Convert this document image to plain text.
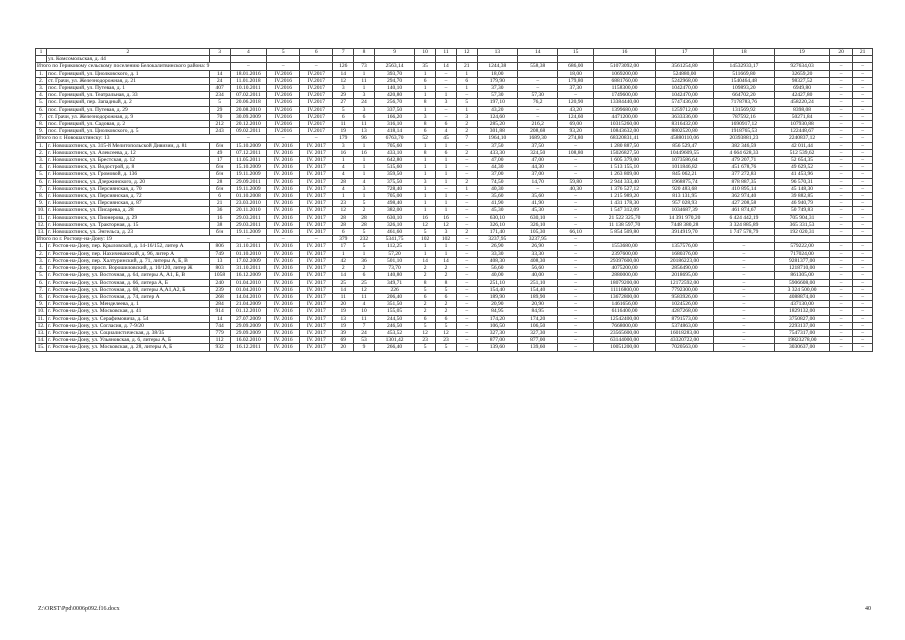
1	2	3	4	5	6	7	8	9	10	11	12	13	14	15	16	17	18	19	20	21
	ул. Комсомольская, д. 44																			
Итого по Гериковому сельскому поселению Белокалитвинского района: 9			–	–	–	126	73	2563,14	35	14	21	1244,38	558,38	686,00	51073092,00	3561254,80	14532933,17	927634,03	–	–
1.	пос. Горняцкий, ул. Циолковского, д. 1	14	18.01.2016	IV.2016	IV.2017	14	1	393,70	1	–	1	18,00		18,00	1069200,00	524880,00	511669,80	32659,20	–	–
2.	ст. Грачи, ул. Железнодорожная, д. 21	24	11.01.2018	IV.2016	IV.2017	12	11	294,70	6	–	6	179,90	–	179,80	6881760,00	5242968,00	1540464,48	98327,52	–	–
3.	пос. Горняцкий, ул. Путевая, д. 1	407	10.10.2011	IV.2016	IV.2017	3	1	140,10	1	–	1	37,30	–	37,30	1158300,00	1042470,00	109893,20	6949,80	–	–
4.	пос. Горняцкий, ул. Театральная, д. 33	234	07.02.2011	IV.2016	IV.2017	29	3	420,80	1	1	–	57,30	57,30	–	1749600,00	1042470,00	664702,20	42427,80	–	–
5.	пос. Горняцкий, пер. Западный, д. 2	5	20.06.2018	IV.2016	IV.2017	27	24	256,70	8	3	5	197,10	76,2	120,90	13384440,00	5747436,00	7178783,76	458220,24	–	–
6.	пос. Горняцкий, ул. Путевая, д. 29	29	20.08.2010	IV.2016	IV.2017	5	3	337,50	1	–	1	43,20	–	43,20	1399680,00	1259712,00	131569,92	8398,08	–	–
7.	ст. Грачи, ул. Железнодорожная, д. 9	70	30.09.2009	IV.2016	IV.2017	6	6	166,20	3	–	3	124,60	–	124,60	4471200,00	3633336,00	787592,16	50271,84	–	–
8.	пос. Горняцкий, ул. Садовая, д. 2	212	20.12.2010	IV.2016	IV.2017	11	11	316,10	8	6	2	285,20	216,2	69,00	10315260,00	8316432,00	1690917,12	107930,88	–	–
9.	пос. Горняцкий, ул. Циолковского, д. 5	243	09.02.2011	IV.2016	IV.2017	19	13	418,14	6	4	2	301,88	208,68	93,20	10843632,00	8802520,80	1918765,53	122448,67	–	–
Итого по г. Новошахтинску: 13			–	–	–	179	96	6763,70	52	45	7	1964,10	1689,30	274,80	68320831,41	45880110,06	20393881,23	2240837,12	–	–
1.	г. Новошахтинск, ул. 315-й Мелитопольской Дивизии, д. 81	б/н	15.10.2009	IV. 2016	IV. 2017	3	1	705,60	1	1	–	37,50	37,50	–	1 280 887,50	856 529,47	382 346,59	42 011,44	–	–
2.	г. Новошахтинск, ул. Алексеева, д. 12	49	07.12.2011	IV. 2016	IV. 2017	16	16	433,10	8	6	2	433,30	324,50	108,80	15026827,50	10449609,55	4 664 628,33	512 539,62	–	–
3.	г. Новошахтинск, ул. Брестская, д. 12	17	11.05.2011	IV. 2016	IV. 2017	1	1	642,80	1	1	–	47,00	47,00	–	1 605 379,00	1073586,64	479 207,71	52 654,35	–	–
4.	г. Новошахтинск, ул. Водострой, д. 8	б/н	15.10.2009	IV. 2016	IV. 2017	4	1	515,60	1	1	–	44,30	44,30	–	1 513 155,10	1011846,82	451 678,76	49 629,52	–	–
5.	г. Новошахтинск, ул. Громовой, д. 136	б/н	19.11.2009	IV. 2016	IV. 2017	4	1	359,50	1	1	–	37,00	37,00	–	1 263 809,00	845 062,21	377 272,83	41 453,96	–	–
6.	г. Новошахтинск, ул. Дзержинского, д. 20	28	29.09.2011	IV. 2016	IV. 2017	28	4	375,50	3	1	2	74,50	14,70	59,80	2 944 333,40	1968875,74	878 887,35	96 570,31	–	–
7.	г. Новошахтинск, ул. Персиянская, д. 70	б/н	19.11.2009	IV. 2016	IV. 2017	4	3	728,40	1	–	1	40,30	–	40,30	1 376 527,12	920 483,68	410 895,14	45 148,30	–	–
8.	г. Новошахтинск, ул. Персиянская, д. 72	6	01.10.2008	IV. 2016	IV. 2017	1	1	705,00	1	1	–	35,60	35,60	–	1 215 989,20	813 131,95	362 974,40	39 882,85	–	–
9.	г. Новошахтинск, ул. Персиянская, д. 87	21	23.03.2010	IV. 2016	IV. 2017	23	5	498,40	1	1	–	41,90	41,90	–	1 431 178,30	957 028,93	427 208,58	46 940,79	–	–
10.	г. Новошахтинск, ул. Писарева, д. 28	36	20.11.2010	IV. 2016	IV. 2017	12	2	382,00	1	1	–	45,30	45,30	–	1 547 312,09	1034687,39	461 874,67	50 749,83	–	–
11.	г. Новошахтинск, ул. Пионерова, д. 29	16	29.03.2011	IV. 2016	IV. 2017	28	28	630,10	16	16	–	630,10	630,10	–	21 522 325,70	14 391 970,20	6 424 442,19	705 904,31	–	–
12.	г. Новошахтинск, ул. Тракторная, д. 15	38	29.03.2011	IV. 2016	IV. 2017	28	28	326,10	12	12	–	326,10	326,10	–	11 138 597,70	7448 380,28	3 324 885,89	365 331,53	–	–
13.	г. Новошахтинск, ул. Энгельса, д. 23	б/н	19.11.2009	IV. 2016	IV. 2017	6	5	461,60	5	3	2	171,40	105,30	66,10	5 854 509,80	3914919,70	1 747 578,79	192 020,31	–	–
Итого по г. Ростову-на-Дону: 19			–	–	–	379	232	5341,75	102	102	–	3237,95	3237,95	–						
1.	г. Ростов-на-Дону, пер. Крыловской, д. 14-16/152, литер А	806	31.10.2011	IV. 2016	IV. 2017	17	5	112,25	1	1	–	26,90	26,90	–	1553680,00	1357576,00	–	579222,00	–	–
2.	г. Ростов-на-Дону, пер. Нахичеванский, д. 96, литер А	749	01.10.2010	IV. 2016	IV. 2017	1	1	57,20	1	1	–	33,30	33,30	–	2397600,00	1680376,00	–	717024,00	–	–
3.	г. Ростов-на-Дону, пер. Халтуринский, д. 71, литеры А, Б, В	13	17.02.2009	IV. 2016	IV. 2017	42	36	501,10	14	14	–	408,30	408,30	–	29397600,00	20186223,00	–	9281377,00	–	–
4.	г. Ростов-на-Дону, просп. Ворошиловский, д. 10/120, литер Ж	803	31.10.2011	IV. 2016	IV. 2017	2	2	73,70	2	2	–	56,60	56,60	–	4075200,00	2856490,00	–	1218710,00	–	–
5.	г. Ростов-на-Дону, ул. Восточная, д. 64, литеры А, А1, Б, В	1058	16.12.2009	IV. 2016	IV. 2017	14	6	140,80	2	2	–	40,00	40,00	–	2880000,00	2018695,00	–	861305,00	–	–
6.	г. Ростов-на-Дону, ул. Восточная, д. 66, литера А, Б	240	01.04.2010	IV. 2016	IV. 2017	25	25	349,71	8	8	–	251,10	251,10	–	18079200,00	12172592,00	–	5906608,00	–	–
7.	г. Ростов-на-Дону, ул. Восточная, д. 68, литеры А,А1,А2, Б	239	01.04.2010	IV. 2016	IV. 2017	14	12	226	5	5	–	154,40	154,40	–	11116800,00	7792300,00	–	3 324 500,00	–	–
8.	г. Ростов-на-Дону, ул. Восточная, д. 74, литер А	268	14.04.2010	IV. 2016	IV. 2017	11	11	206,40	6	6	–	189,90	189,90	–	13672800,00	9583926,00	–	4088874,00	–	–
9.	г. Ростов-на-Дону, ул. Менделеева, д. 1	284	21.04.2009	IV. 2016	IV. 2017	20	4	351,50	2	2	–	20,90	20,90	–	1461656,00	1024526,00	–	437130,00	–	–
10.	г. Ростов-на-Дону, ул. Московская, д. 41	914	01.12.2010	IV. 2016	IV. 2017	19	10	155,05	2	2	–	84,95	84,95	–	6116400,00	4287268,00	–	1829132,00	–	–
11.	г. Ростов-на-Дону, ул. Серафимовича, д. 54	14	27.07.2009	IV. 2016	IV. 2017	13	11	244,50	6	6	–	174,20	174,20	–	12542400,00	8791573,00	–	3750827,00	–	–
12.	г. Ростов-на-Дону, ул. Согласия, д. 7-9/20	744	29.09.2009	IV. 2016	IV. 2017	19	7	246,50	5	5	–	106,50	106,50	–	7668000,00	5374863,00	–	2293137,00	–	–
13.	г. Ростов-на-Дону, ул. Социалистическая, д. 38/35	779	29.09.2009	IV. 2016	IV. 2017	39	24	453,52	12	12	–	327,30	327,30	–	23565600,00	16018283,00	–	7547317,00	–	–
14.	г. Ростов-на-Дону, ул. Ульяновская, д. 6, литеры А, Б	112	16.02.2010	IV. 2016	IV. 2017	69	53	1301,42	23	23	–	877,00	877,00	–	63144000,00	43320722,00	–	19823278,00	–	–
15.	г. Ростов-на-Дону, ул. Московская, д. 28, литеры А, Б	932	16.12.2011	IV. 2016	IV. 2017	20	9	266,40	5	5	–	139,60	139,60	–	10051200,00	7020563,00	–	3030637,00	–	–
Z:\ORST\Ppd\0006p092.f16.docx	40
